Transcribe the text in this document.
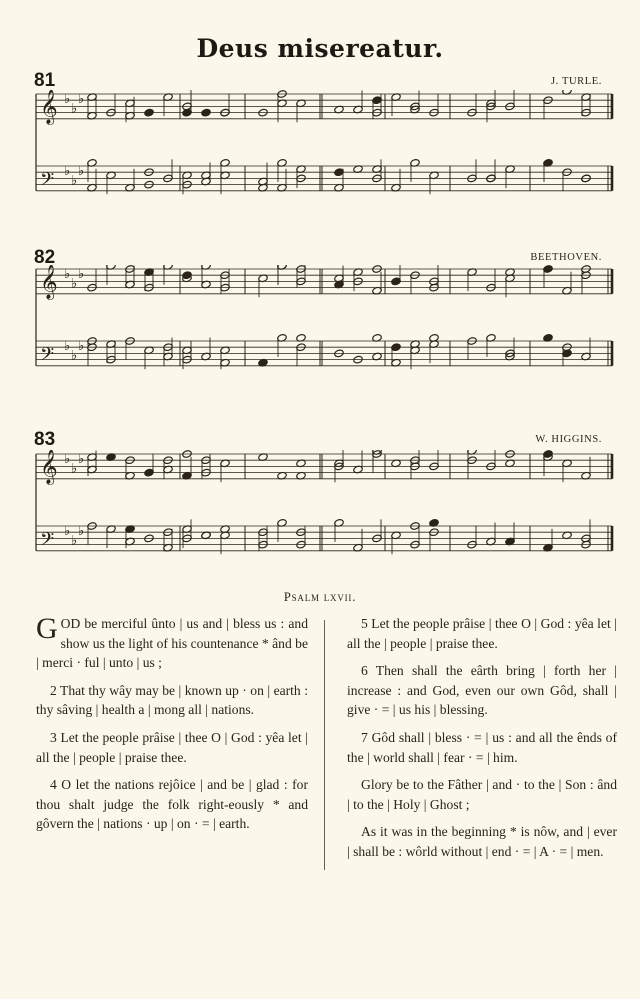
Deus misereatur.
81	J. TURLE.
𝄞 ♭
♭
♭
𝄢 ♭
♭
♭
82	BEETHOVEN.
𝄞 ♭
♭
♭
𝄢 ♭
♭
♭
83	W. HIGGINS.
𝄞 ♭
♭
♭
𝄢 ♭
♭
♭
Psalm lxvii.

GOD be merciful ûnto | us and | bless us : and show us the light of his countenance * ând be | merci · ful | unto | us ;

2 That thy wây may be | known up · on | earth : thy sâving | health a | mong all | nations.

3 Let the people prâise | thee O | God : yêa let | all the | people | praise thee.

4 O let the nations rejôice | and be | glad : for thou shalt judge the folk right-eously * and gôvern the | nations · up | on · = | earth.

5 Let the people prâise | thee O | God : yêa let | all the | people | praise thee.

6 Then shall the eârth bring | forth her | increase : and God, even our own Gôd, shall | give · = | us his | blessing.

7 Gôd shall | bless · = | us : and all the ênds of the | world shall | fear · = | him.

Glory be to the Fâther | and · to the | Son : ând | to the | Holy | Ghost ;

As it was in the beginning * is nôw, and | ever | shall be : wôrld without | end · = | A · = | men.
